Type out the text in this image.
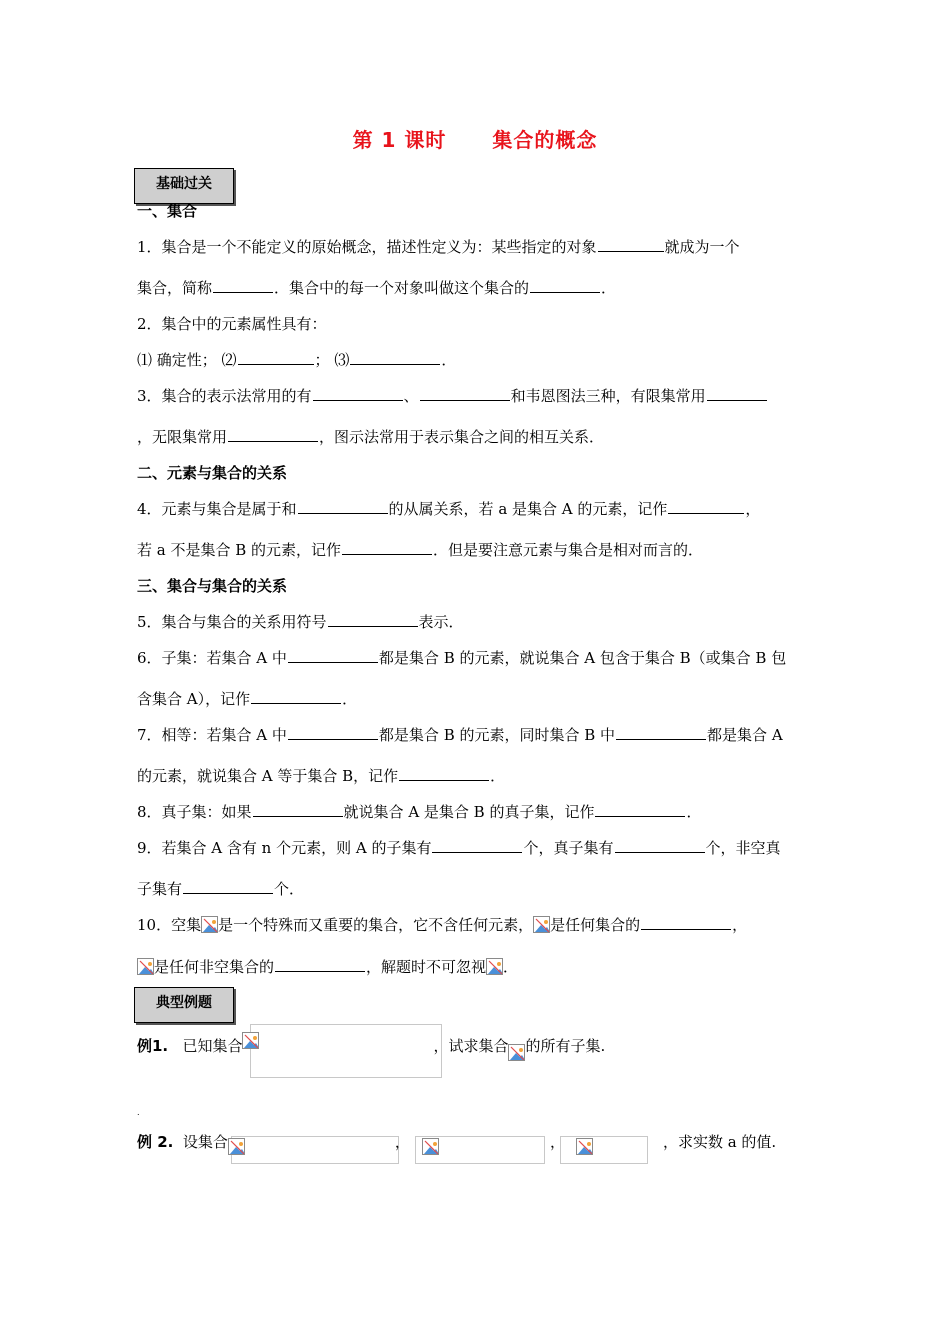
第 1 课时 集合的概念
基础过关
一、集合
1．集合是一个不能定义的原始概念，描述性定义为：某些指定的对象	就成为一个
集合，简称	．集合中的每一个对象叫做这个集合的	．
2．集合中的元素属性具有：
⑴ 确定性； ⑵	； ⑶	．
3．集合的表示法常用的有	、	和韦恩图法三种，有限集常用
，无限集常用	，图示法常用于表示集合之间的相互关系．
二、元素与集合的关系
4．元素与集合是属于和	的从属关系，若 a 是集合 A 的元素，记作	，
若 a 不是集合 B 的元素，记作	．但是要注意元素与集合是相对而言的．
三、集合与集合的关系
5．集合与集合的关系用符号	表示．
6．子集：若集合 A 中	都是集合 B 的元素，就说集合 A 包含于集合 B（或集合 B 包
含集合 A），记作	．
7．相等：若集合 A 中	都是集合 B 的元素，同时集合 B 中	都是集合 A
的元素，就说集合 A 等于集合 B，记作	．
8．真子集：如果	就说集合 A 是集合 B 的真子集，记作	．
9．若集合 A 含有 n 个元素，则 A 的子集有	个，真子集有	个，非空真
子集有	个．
10．空集 是一个特殊而又重要的集合，它不含任何元素， 是任何集合的	，
是任何非空集合的	，解题时不可忽视 ．
典型例题
例1. 已知集合	，试求集合 的所有子集.
.
例 2. 设集合	，	，	，求实数 a 的值.
